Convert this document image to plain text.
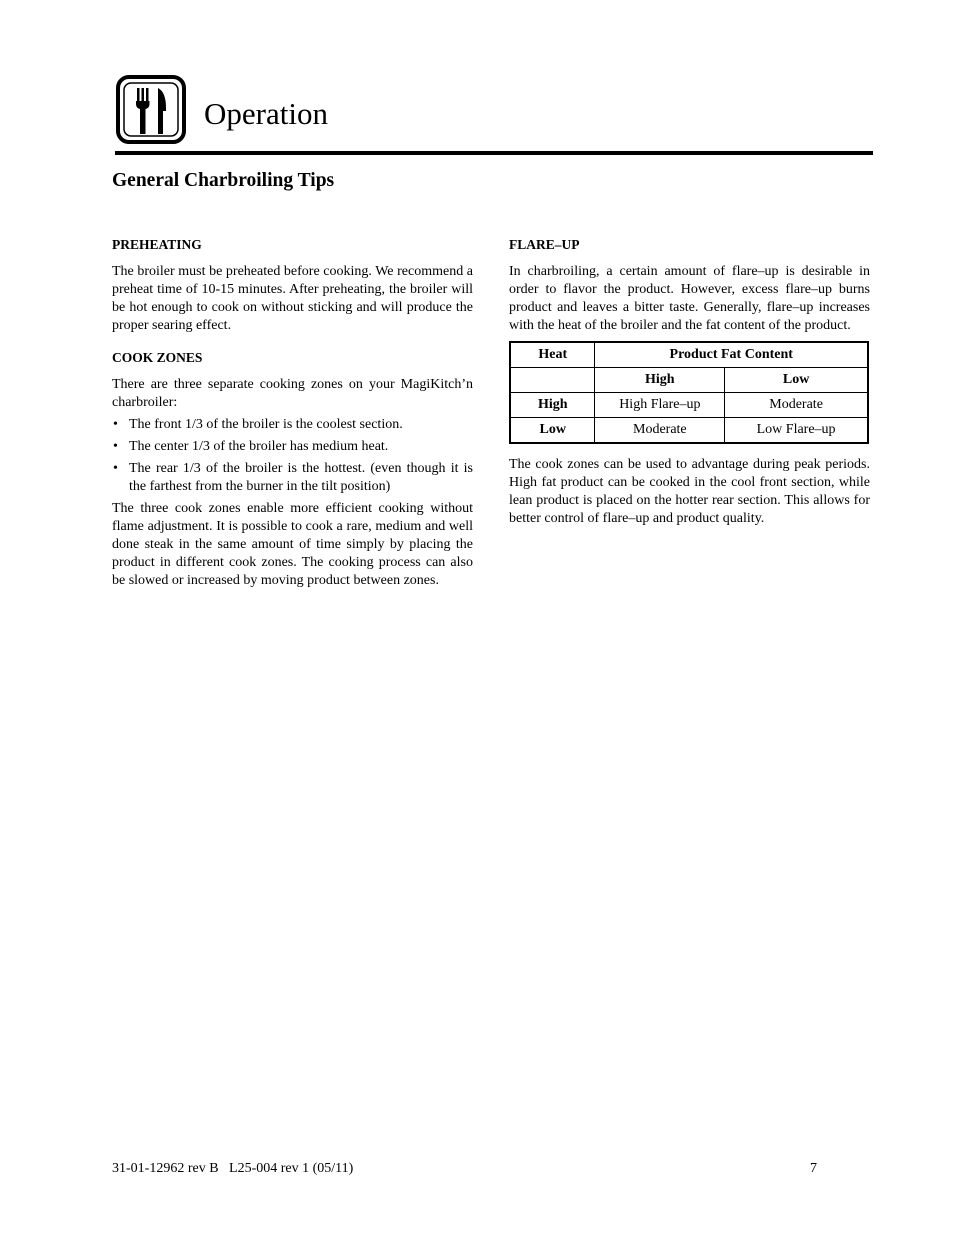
Operation
General Charbroiling Tips
PREHEATING

The broiler must be preheated before cooking. We recommend a preheat time of 10-15 minutes. After preheating, the broiler will be hot enough to cook on without sticking and will produce the proper searing effect.

COOK ZONES

There are three separate cooking zones on your MagiKitch’n charbroiler:

• The front 1/3 of the broiler is the coolest section.
• The center 1/3 of the broiler has medium heat.
• The rear 1/3 of the broiler is the hottest. (even though it is the farthest from the burner in the tilt position)

The three cook zones enable more efficient cooking without flame adjustment. It is possible to cook a rare, medium and well done steak in the same amount of time simply by placing the product in different cook zones. The cooking process can also be slowed or increased by moving product between zones.

FLARE–UP

In charbroiling, a certain amount of flare–up is desirable in order to flavor the product. However, excess flare–up burns product and leaves a bitter taste. Generally, flare–up increases with the heat of the broiler and the fat content of the product.

Heat	Product Fat Content	
	High	Low
High	High Flare–up	Moderate
Low	Moderate	Low Flare–up

The cook zones can be used to advantage during peak periods. High fat product can be cooked in the cool front section, while lean product is placed on the hotter rear section. This allows for better control of flare–up and product quality.

31-01-12962 rev B   L25-004 rev 1 (05/11)	7
